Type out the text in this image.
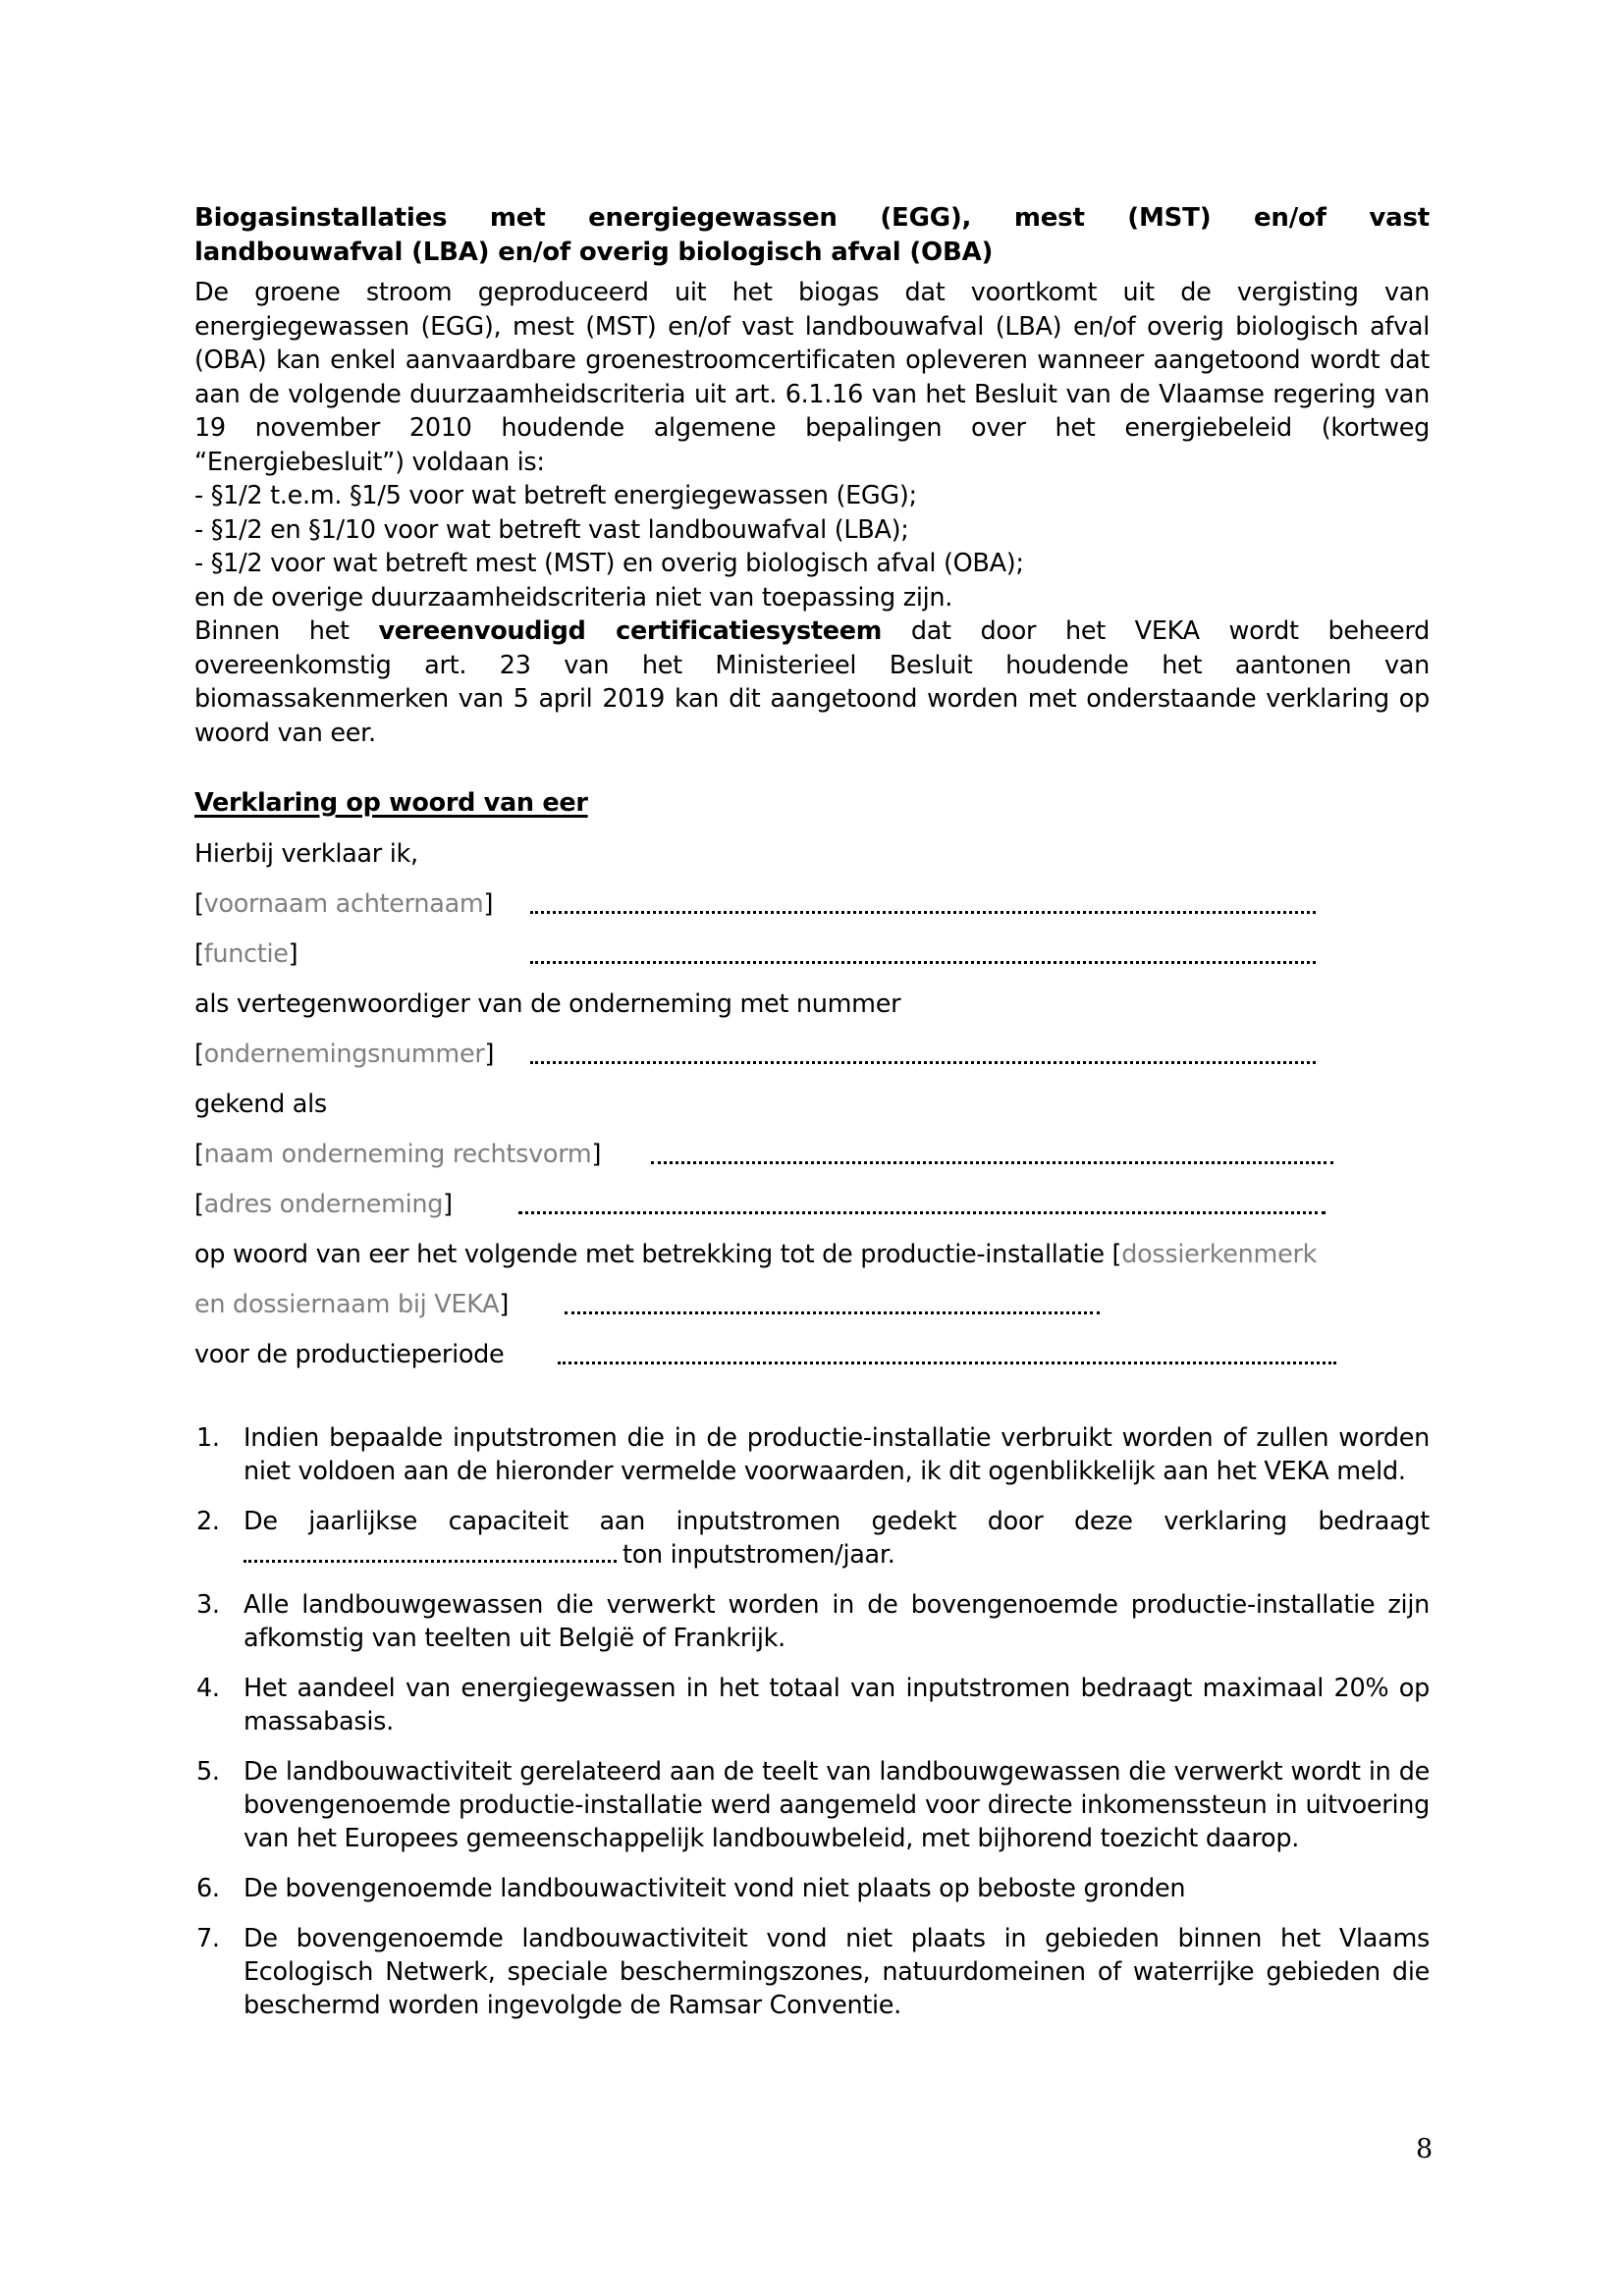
Biogasinstallaties met energiegewassen (EGG), mest (MST) en/of vast
landbouwafval (LBA) en/of overig biologisch afval (OBA)

De groene stroom geproduceerd uit het biogas dat voortkomt uit de vergisting van energiegewassen (EGG), mest (MST) en/of vast landbouwafval (LBA) en/of overig biologisch afval (OBA) kan enkel aanvaardbare groenestroomcertificaten opleveren wanneer aangetoond wordt dat aan de volgende duurzaamheidscriteria uit art. 6.1.16 van het Besluit van de Vlaamse regering van 19 november 2010 houdende algemene bepalingen over het energiebeleid (kortweg “Energiebesluit”) voldaan is:

- §1/2 t.e.m. §1/5 voor wat betreft energiegewassen (EGG);

- §1/2 en §1/10 voor wat betreft vast landbouwafval (LBA);

- §1/2 voor wat betreft mest (MST) en overig biologisch afval (OBA);

en de overige duurzaamheidscriteria niet van toepassing zijn.

Binnen het vereenvoudigd certificatiesysteem dat door het VEKA wordt beheerd overeenkomstig art. 23 van het Ministerieel Besluit houdende het aantonen van biomassakenmerken van 5 april 2019 kan dit aangetoond worden met onderstaande verklaring op woord van eer.

Verklaring op woord van eer
Hierbij verklaar ik,
[voornaam achternaam]
[functie]
als vertegenwoordiger van de onderneming met nummer
[ondernemingsnummer]
gekend als
[naam onderneming rechtsvorm]
[adres onderneming]
op woord van eer het volgende met betrekking tot de productie-installatie [dossierkenmerk
en dossiernaam bij VEKA]
voor de productieperiode
1. Indien bepaalde inputstromen die in de productie-installatie verbruikt worden of zullen worden niet voldoen aan de hieronder vermelde voorwaarden, ik dit ogenblikkelijk aan het VEKA meld.
2. De jaarlijkse capaciteit aan inputstromen gedekt door deze verklaring bedraagt
ton inputstromen/jaar.
3. Alle landbouwgewassen die verwerkt worden in de bovengenoemde productie-installatie zijn afkomstig van teelten uit België of Frankrijk.
4. Het aandeel van energiegewassen in het totaal van inputstromen bedraagt maximaal 20% op massabasis.
5. De landbouwactiviteit gerelateerd aan de teelt van landbouwgewassen die verwerkt wordt in de bovengenoemde productie-installatie werd aangemeld voor directe inkomenssteun in uitvoering van het Europees gemeenschappelijk landbouwbeleid, met bijhorend toezicht daarop.
6. De bovengenoemde landbouwactiviteit vond niet plaats op beboste gronden
7. De bovengenoemde landbouwactiviteit vond niet plaats in gebieden binnen het Vlaams Ecologisch Netwerk, speciale beschermingszones, natuurdomeinen of waterrijke gebieden die beschermd worden ingevolgde de Ramsar Conventie.
8
